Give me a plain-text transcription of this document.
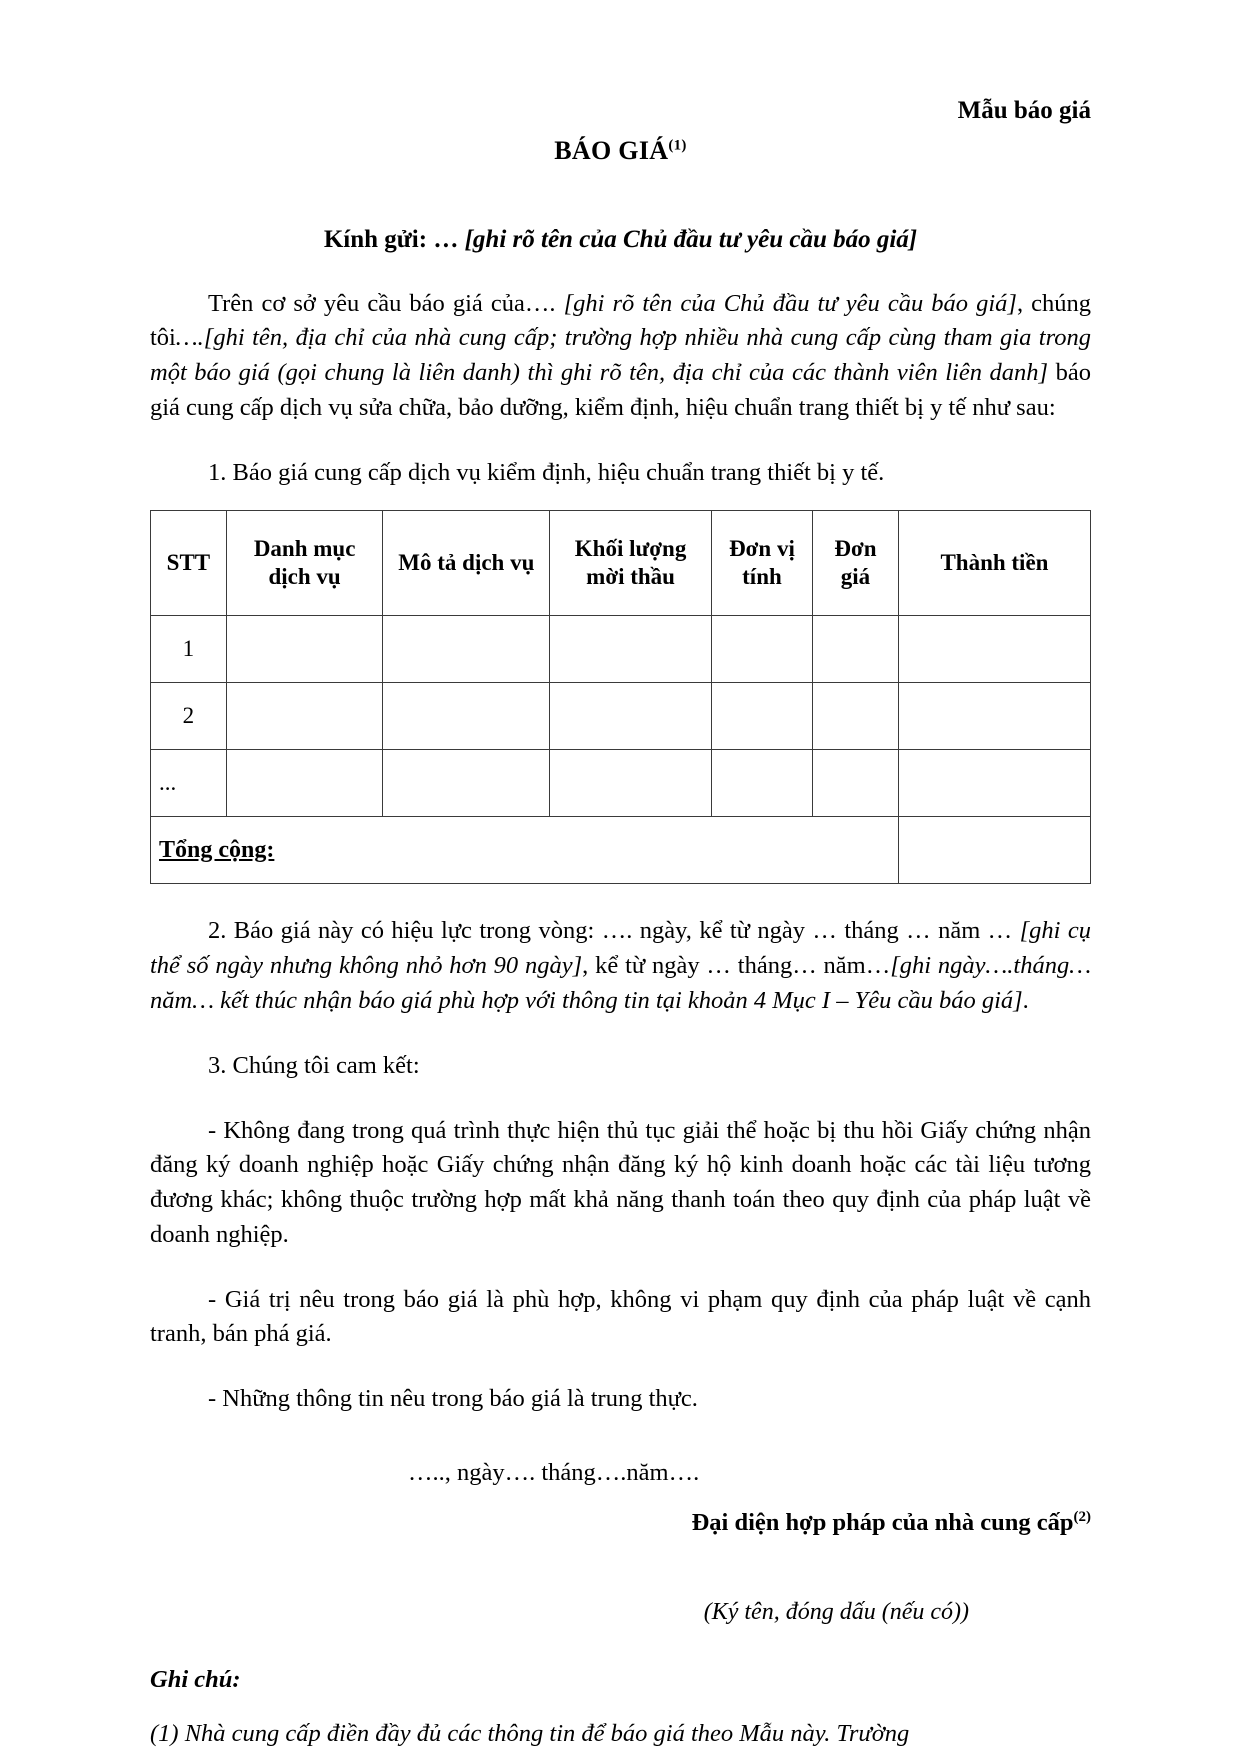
Mẫu báo giá
BÁO GIÁ$^{(1)}$
Kính gửi: … [ghi rõ tên của Chủ đầu tư yêu cầu báo giá]

Trên cơ sở yêu cầu báo giá của…. [ghi rõ tên của Chủ đầu tư yêu cầu báo giá], chúng tôi….[ghi tên, địa chỉ của nhà cung cấp; trường hợp nhiều nhà cung cấp cùng tham gia trong một báo giá (gọi chung là liên danh) thì ghi rõ tên, địa chỉ của các thành viên liên danh] báo giá cung cấp dịch vụ sửa chữa, bảo dưỡng, kiểm định, hiệu chuẩn trang thiết bị y tế như sau:

1. Báo giá cung cấp dịch vụ kiểm định, hiệu chuẩn trang thiết bị y tế.

STT	Danh mục dịch vụ	Mô tả dịch vụ	Khối lượng mời thầu	Đơn vị tính	Đơn giá	Thành tiền
1						
2						
...						
Tổng cộng:						

2. Báo giá này có hiệu lực trong vòng: …. ngày, kể từ ngày … tháng … năm … [ghi cụ thể số ngày nhưng không nhỏ hơn 90 ngày], kể từ ngày … tháng… năm…[ghi ngày….tháng…năm… kết thúc nhận báo giá phù hợp với thông tin tại khoản 4 Mục I – Yêu cầu báo giá].

3. Chúng tôi cam kết:

- Không đang trong quá trình thực hiện thủ tục giải thể hoặc bị thu hồi Giấy chứng nhận đăng ký doanh nghiệp hoặc Giấy chứng nhận đăng ký hộ kinh doanh hoặc các tài liệu tương đương khác; không thuộc trường hợp mất khả năng thanh toán theo quy định của pháp luật về doanh nghiệp.

- Giá trị nêu trong báo giá là phù hợp, không vi phạm quy định của pháp luật về cạnh tranh, bán phá giá.

- Những thông tin nêu trong báo giá là trung thực.

….., ngày…. tháng….năm….
Đại diện hợp pháp của nhà cung cấp$^{(2)}$
(Ký tên, đóng dấu (nếu có))
Ghi chú:
(1) Nhà cung cấp điền đầy đủ các thông tin để báo giá theo Mẫu này. Trường
